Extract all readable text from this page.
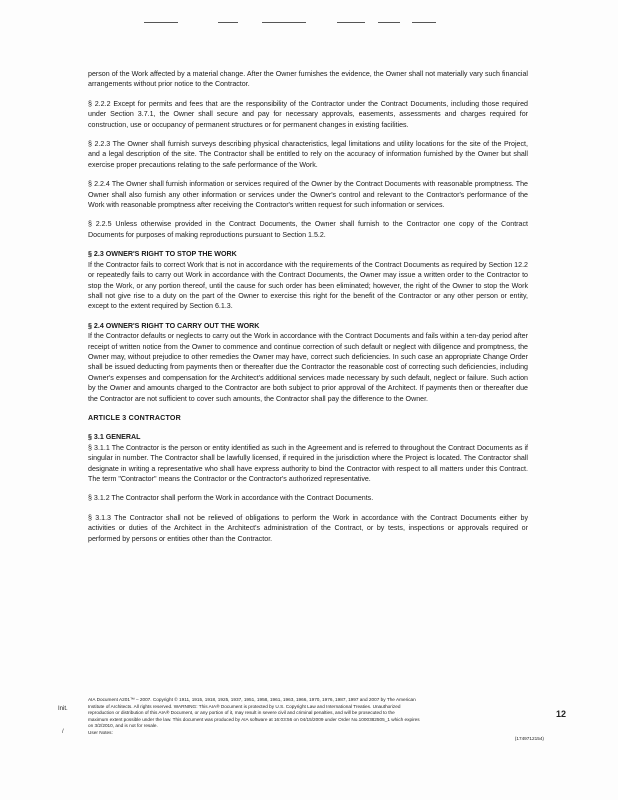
person of the Work affected by a material change. After the Owner furnishes the evidence, the Owner shall not materially vary such financial arrangements without prior notice to the Contractor.

§ 2.2.2 Except for permits and fees that are the responsibility of the Contractor under the Contract Documents, including those required under Section 3.7.1, the Owner shall secure and pay for necessary approvals, easements, assessments and charges required for construction, use or occupancy of permanent structures or for permanent changes in existing facilities.

§ 2.2.3 The Owner shall furnish surveys describing physical characteristics, legal limitations and utility locations for the site of the Project, and a legal description of the site. The Contractor shall be entitled to rely on the accuracy of information furnished by the Owner but shall exercise proper precautions relating to the safe performance of the Work.

§ 2.2.4 The Owner shall furnish information or services required of the Owner by the Contract Documents with reasonable promptness. The Owner shall also furnish any other information or services under the Owner's control and relevant to the Contractor's performance of the Work with reasonable promptness after receiving the Contractor's written request for such information or services.

§ 2.2.5 Unless otherwise provided in the Contract Documents, the Owner shall furnish to the Contractor one copy of the Contract Documents for purposes of making reproductions pursuant to Section 1.5.2.

§ 2.3 OWNER'S RIGHT TO STOP THE WORK

If the Contractor fails to correct Work that is not in accordance with the requirements of the Contract Documents as required by Section 12.2 or repeatedly fails to carry out Work in accordance with the Contract Documents, the Owner may issue a written order to the Contractor to stop the Work, or any portion thereof, until the cause for such order has been eliminated; however, the right of the Owner to stop the Work shall not give rise to a duty on the part of the Owner to exercise this right for the benefit of the Contractor or any other person or entity, except to the extent required by Section 6.1.3.

§ 2.4 OWNER'S RIGHT TO CARRY OUT THE WORK

If the Contractor defaults or neglects to carry out the Work in accordance with the Contract Documents and fails within a ten-day period after receipt of written notice from the Owner to commence and continue correction of such default or neglect with diligence and promptness, the Owner may, without prejudice to other remedies the Owner may have, correct such deficiencies. In such case an appropriate Change Order shall be issued deducting from payments then or thereafter due the Contractor the reasonable cost of correcting such deficiencies, including Owner's expenses and compensation for the Architect's additional services made necessary by such default, neglect or failure. Such action by the Owner and amounts charged to the Contractor are both subject to prior approval of the Architect. If payments then or thereafter due the Contractor are not sufficient to cover such amounts, the Contractor shall pay the difference to the Owner.

ARTICLE 3 CONTRACTOR

§ 3.1 GENERAL

§ 3.1.1 The Contractor is the person or entity identified as such in the Agreement and is referred to throughout the Contract Documents as if singular in number. The Contractor shall be lawfully licensed, if required in the jurisdiction where the Project is located. The Contractor shall designate in writing a representative who shall have express authority to bind the Contractor with respect to all matters under this Contract. The term "Contractor" means the Contractor or the Contractor's authorized representative.

§ 3.1.2 The Contractor shall perform the Work in accordance with the Contract Documents.

§ 3.1.3 The Contractor shall not be relieved of obligations to perform the Work in accordance with the Contract Documents either by activities or duties of the Architect in the Architect's administration of the Contract, or by tests, inspections or approvals required or performed by persons or entities other than the Contractor.

Init.
/
12

AIA Document A201™ – 2007. Copyright © 1911, 1915, 1918, 1925, 1937, 1951, 1958, 1961, 1963, 1966, 1970, 1976, 1987, 1997 and 2007 by The American

Institute of Architects. All rights reserved. WARNING: This AIA® Document is protected by U.S. Copyright Law and International Treaties. Unauthorized

reproduction or distribution of this AIA® Document, or any portion of it, may result in severe civil and criminal penalties, and will be prosecuted to the

maximum extent possible under the law. This document was produced by AIA software at 16:03:56 on 04/15/2009 under Order No.1000382505_1 which expires

on 3/2/2010, and is not for resale.

User Notes:

(1749712154)
